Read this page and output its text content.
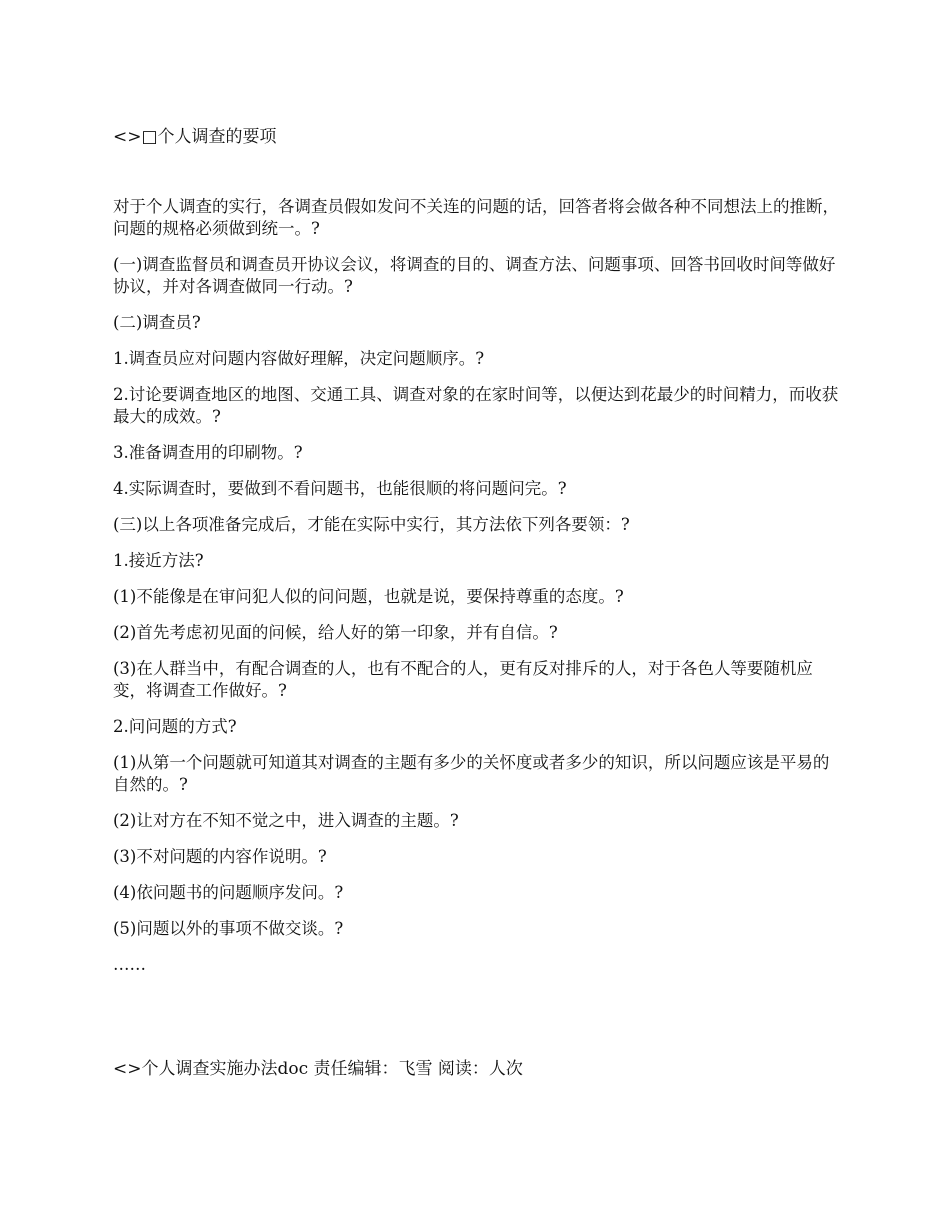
<>□个人调查的要项

对于个人调查的实行，各调查员假如发问不关连的问题的话，回答者将会做各种不同想法上的推断，问题的规格必须做到统一。?

(一)调查监督员和调查员开协议会议，将调查的目的、调查方法、问题事项、回答书回收时间等做好协议，并对各调查做同一行动。?

(二)调查员?

1.调查员应对问题内容做好理解，决定问题顺序。?

2.讨论要调查地区的地图、交通工具、调查对象的在家时间等，以便达到花最少的时间精力，而收获最大的成效。?

3.准备调查用的印刷物。?

4.实际调查时，要做到不看问题书，也能很顺的将问题问完。?

(三)以上各项准备完成后，才能在实际中实行，其方法依下列各要领：?

1.接近方法?

(1)不能像是在审问犯人似的问问题，也就是说，要保持尊重的态度。?

(2)首先考虑初见面的问候，给人好的第一印象，并有自信。?

(3)在人群当中，有配合调查的人，也有不配合的人，更有反对排斥的人，对于各色人等要随机应变，将调查工作做好。?

2.问问题的方式?

(1)从第一个问题就可知道其对调查的主题有多少的关怀度或者多少的知识，所以问题应该是平易的自然的。?

(2)让对方在不知不觉之中，进入调查的主题。?

(3)不对问题的内容作说明。?

(4)依问题书的问题顺序发问。?

(5)问题以外的事项不做交谈。?

……

<>个人调查实施办法doc 责任编辑：飞雪 阅读：人次
